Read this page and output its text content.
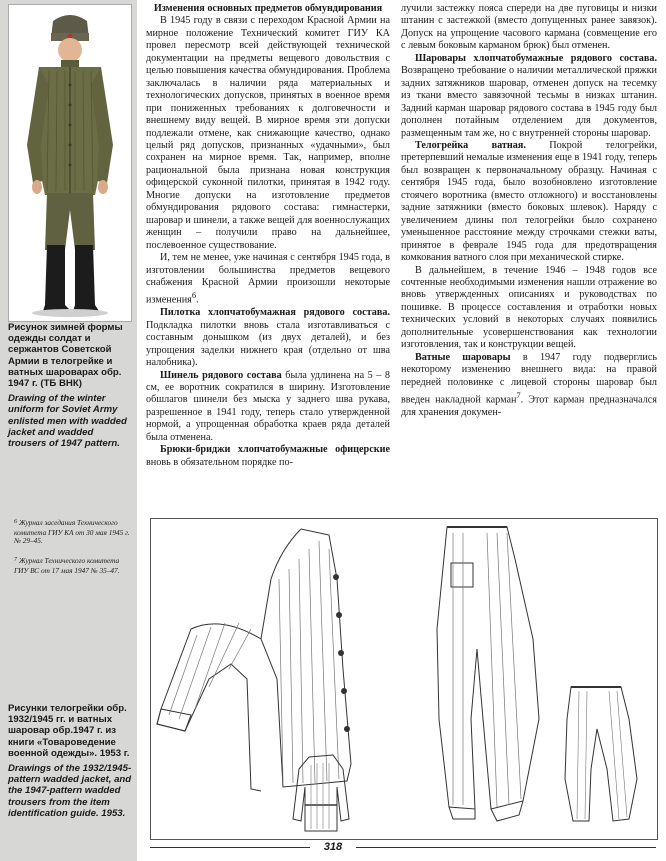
Рисунок зимней формы одежды солдат и сержантов Советской Армии в телогрейке и ватных шароварах обр. 1947 г. (ТБ ВНК)
Drawing of the winter uniform for Soviet Army enlisted men with wadded jacket and wadded trousers of 1947 pattern.
$^6$ Журнал заседания Технического комитета ГИУ КА от 30 мая 1945 г. № 29–45.
$^7$ Журнал Технического комитета ГИУ ВС от 17 мая 1947 № 35–47.
Рисунки телогрейки обр. 1932/1945 гг. и ватных шаровар обр.1947 г. из книги «Товароведение военной одежды». 1953 г.
Drawings of the 1932/1945-pattern wadded jacket, and the 1947-pattern wadded trousers from the item identification guide. 1953.

Изменения основных предметов обмундирования

В 1945 году в связи с переходом Красной Армии на мирное положение Технический комитет ГИУ КА провел пересмотр всей действующей технической документации на предметы вещевого довольствия с целью повышения качества обмундирования. Проблема заключалась в наличии ряда материальных и технологических допусков, принятых в военное время при пониженных требованиях к долговечности и внешнему виду вещей. В мирное время эти допуски подлежали отмене, как снижающие качество, однако целый ряд допусков, признанных «удачными», был сохранен на мирное время. Так, например, вполне рациональной была признана новая конструкция офицерской суконной пилотки, принятая в 1942 году. Многие допуски на изготовление предметов обмундирования рядового состава: гимнастерки, шаровар и шинели, а также вещей для военнослужащих женщин – получили право на дальнейшее, послевоенное существование.

И, тем не менее, уже начиная с сентября 1945 года, в изготовлении большинства предметов вещевого снабжения Красной Армии произошли некоторые изменения$^6$.

Пилотка хлопчатобумажная рядового состава. Подкладка пилотки вновь стала изготавливаться с составным донышком (из двух деталей), и без упрощения заделки нижнего края (отдельно от шва налобника).

Шинель рядового состава была удлинена на 5 – 8 см, ее воротник сократился в ширину. Изготовление обшлагов шинели без мыска у заднего шва рукава, разрешенное в 1941 году, теперь стало утвержденной нормой, а упрощенная обработка краев ряда деталей была отменена.

Брюки-бриджи хлопчатобумажные офицерские вновь в обязательном порядке по-

лучили застежку пояса спереди на две пуговицы и низки штанин с застежкой (вместо допущенных ранее завязок). Допуск на упрощение часового кармана (совмещение его с левым боковым карманом брюк) был отменен.

Шаровары хлопчатобумажные рядового состава. Возвращено требование о наличии металлической пряжки задних затяжников шаровар, отменен допуск на тесемку из ткани вместо завязочной тесьмы в низках штанин. Задний карман шаровар рядового состава в 1945 году был дополнен потайным отделением для документов, размещенным там же, но с внутренней стороны шаровар.

Телогрейка ватная. Покрой телогрейки, претерпевший немалые изменения еще в 1941 году, теперь был возвращен к первоначальному образцу. Начиная с сентября 1945 года, было возобновлено изготовление стоячего воротника (вместо отложного) и восстановлены задние затяжники (вместо боковых шлевок). Наряду с увеличением длины пол телогрейки было сохранено уменьшенное расстояние между строчками стежки ваты, принятое в феврале 1945 года для предотвращения комкования ватного слоя при механической стирке.

В дальнейшем, в течение 1946 – 1948 годов все сочтенные необходимыми изменения нашли отражение во вновь утвержденных описаниях и руководствах по пошивке. В процессе составления и отработки новых технических условий в некоторых случаях появились дополнительные усовершенствования как технологии изготовления, так и конструкции вещей.

Ватные шаровары в 1947 году подверглись некоторому изменению внешнего вида: на правой передней половинке с лицевой стороны шаровар был введен накладной карман$^7$. Этот карман предназначался для хранения докумен-

318
